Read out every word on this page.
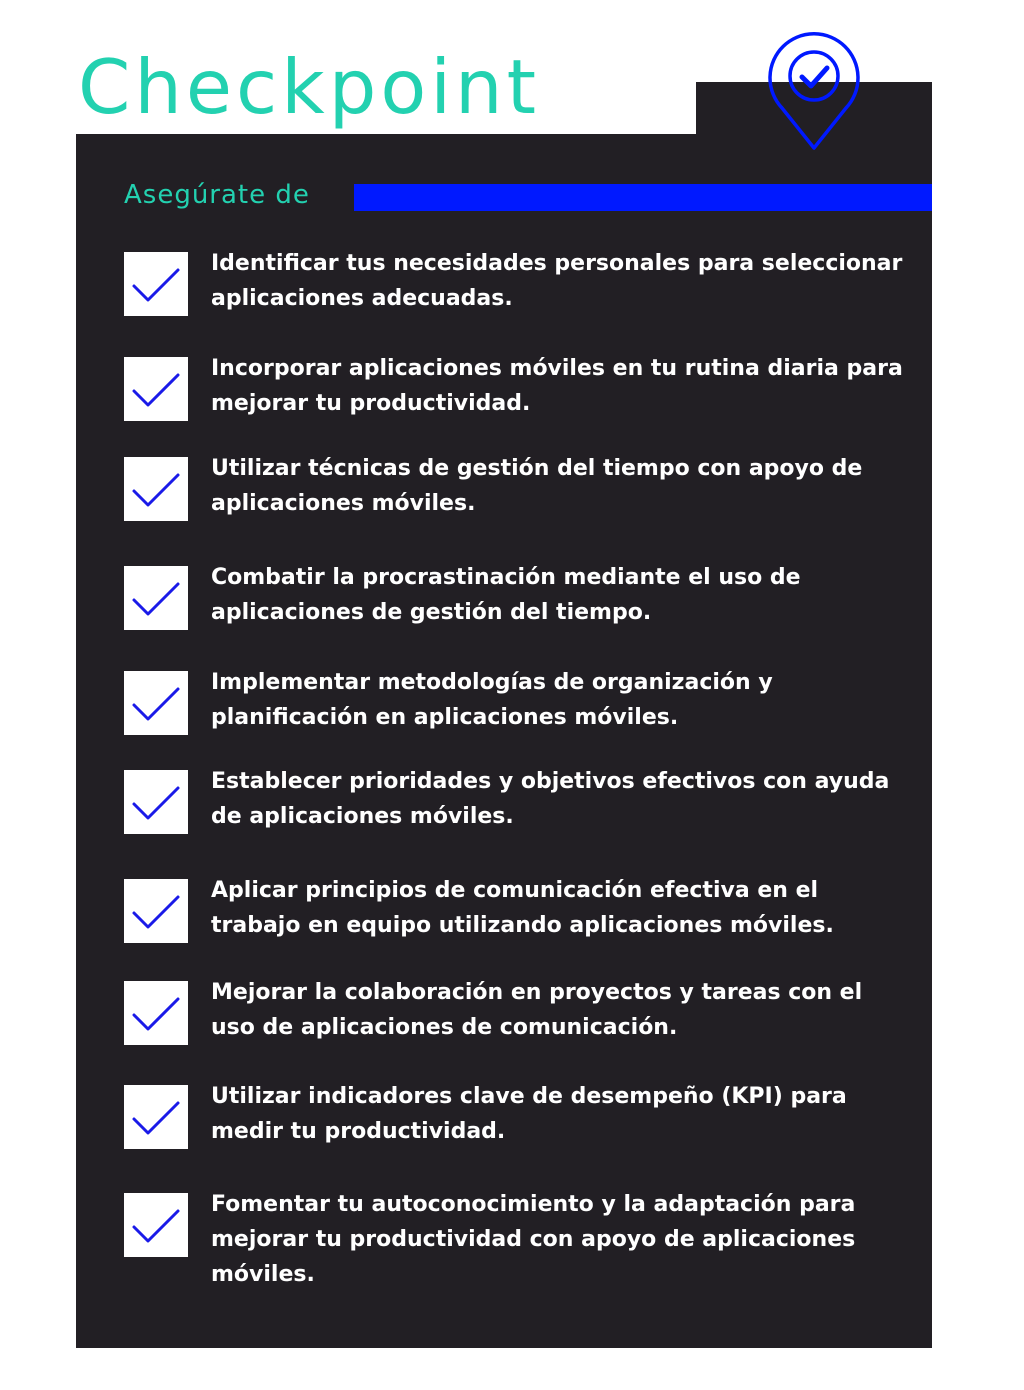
Checkpoint
Asegúrate de
Identificar tus necesidades personales para seleccionar aplicaciones adecuadas.
Incorporar aplicaciones móviles en tu rutina diaria para mejorar tu productividad.
Utilizar técnicas de gestión del tiempo con apoyo de aplicaciones móviles.
Combatir la procrastinación mediante el uso de aplicaciones de gestión del tiempo.
Implementar metodologías de organización y planificación en aplicaciones móviles.
Establecer prioridades y objetivos efectivos con ayuda de aplicaciones móviles.
Aplicar principios de comunicación efectiva en el trabajo en equipo utilizando aplicaciones móviles.
Mejorar la colaboración en proyectos y tareas con el uso de aplicaciones de comunicación.
Utilizar indicadores clave de desempeño (KPI) para medir tu productividad.
Fomentar tu autoconocimiento y la adaptación para mejorar tu productividad con apoyo de aplicaciones móviles.
